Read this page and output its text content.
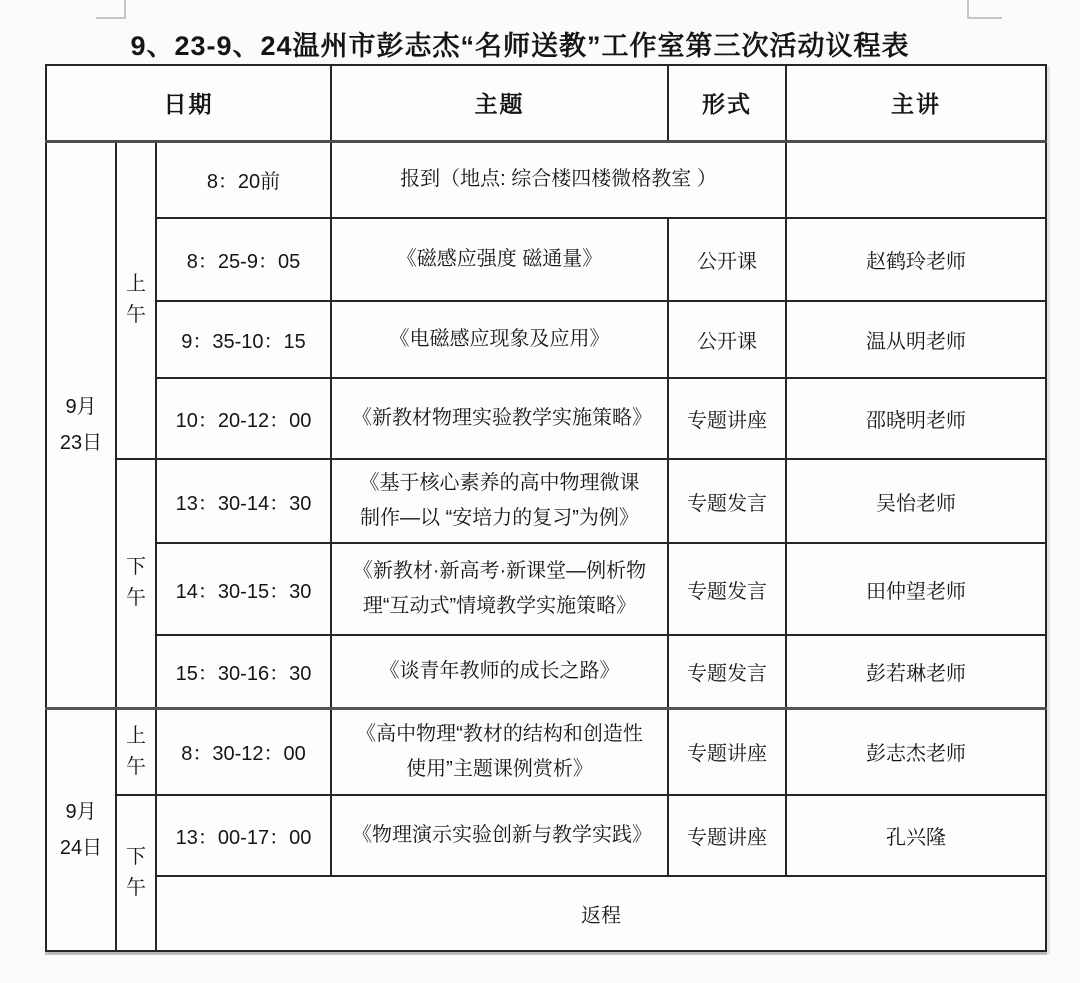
9、23-9、24温州市彭志杰“名师送教”工作室第三次活动议程表
日期			主题	形式	主讲
9月23日	上午	8：20前	报到（地点: 综合楼四楼微格教室 ）		
		8：25-9：05	《磁感应强度 磁通量》	公开课	赵鹤玲老师
		9：35-10：15	《电磁感应现象及应用》	公开课	温从明老师
		10：20-12：00	《新教材物理实验教学实施策略》	专题讲座	邵晓明老师
	下午	13：30-14：30	《基于核心素养的高中物理微课制作—以 “安培力的复习”为例》	专题发言	吴怡老师
		14：30-15：30	《新教材·新高考·新课堂—例析物理“互动式”情境教学实施策略》	专题发言	田仲望老师
		15：30-16：30	《谈青年教师的成长之路》	专题发言	彭若琳老师
9月24日	上午	8：30-12：00	《高中物理“教材的结构和创造性使用”主题课例赏析》	专题讲座	彭志杰老师
	下午	13：00-17：00	《物理演示实验创新与教学实践》	专题讲座	孔兴隆
		返程			
